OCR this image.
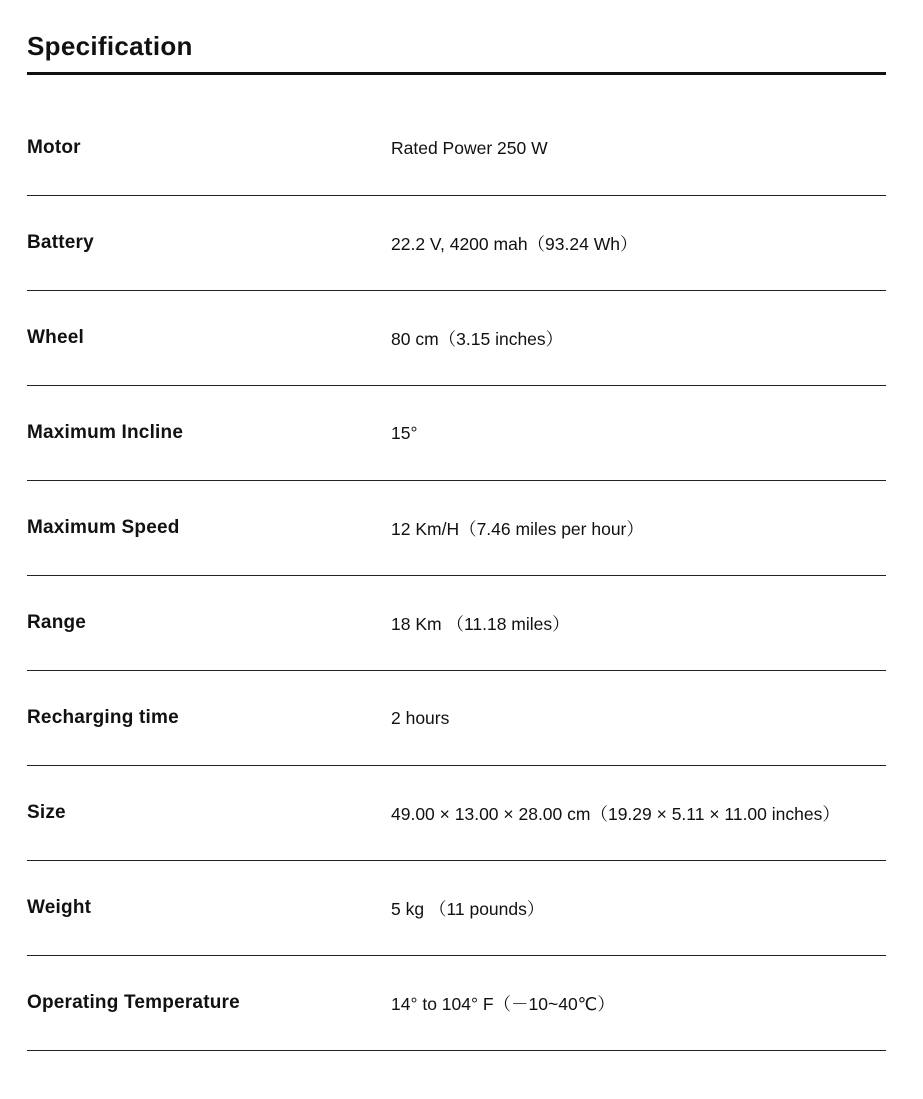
Specification
Motor	Rated Power 250 W
Battery	22.2 V, 4200 mah（93.24 Wh）
Wheel	80 cm（3.15 inches）
Maximum Incline	15°
Maximum Speed	12 Km/H（7.46 miles per hour）
Range	18 Km （11.18 miles）
Recharging time	2 hours
Size	49.00 × 13.00 × 28.00 cm（19.29 × 5.11 × 11.00 inches）
Weight	5 kg （11 pounds）
Operating Temperature	14° to 104° F（－10~40℃）
